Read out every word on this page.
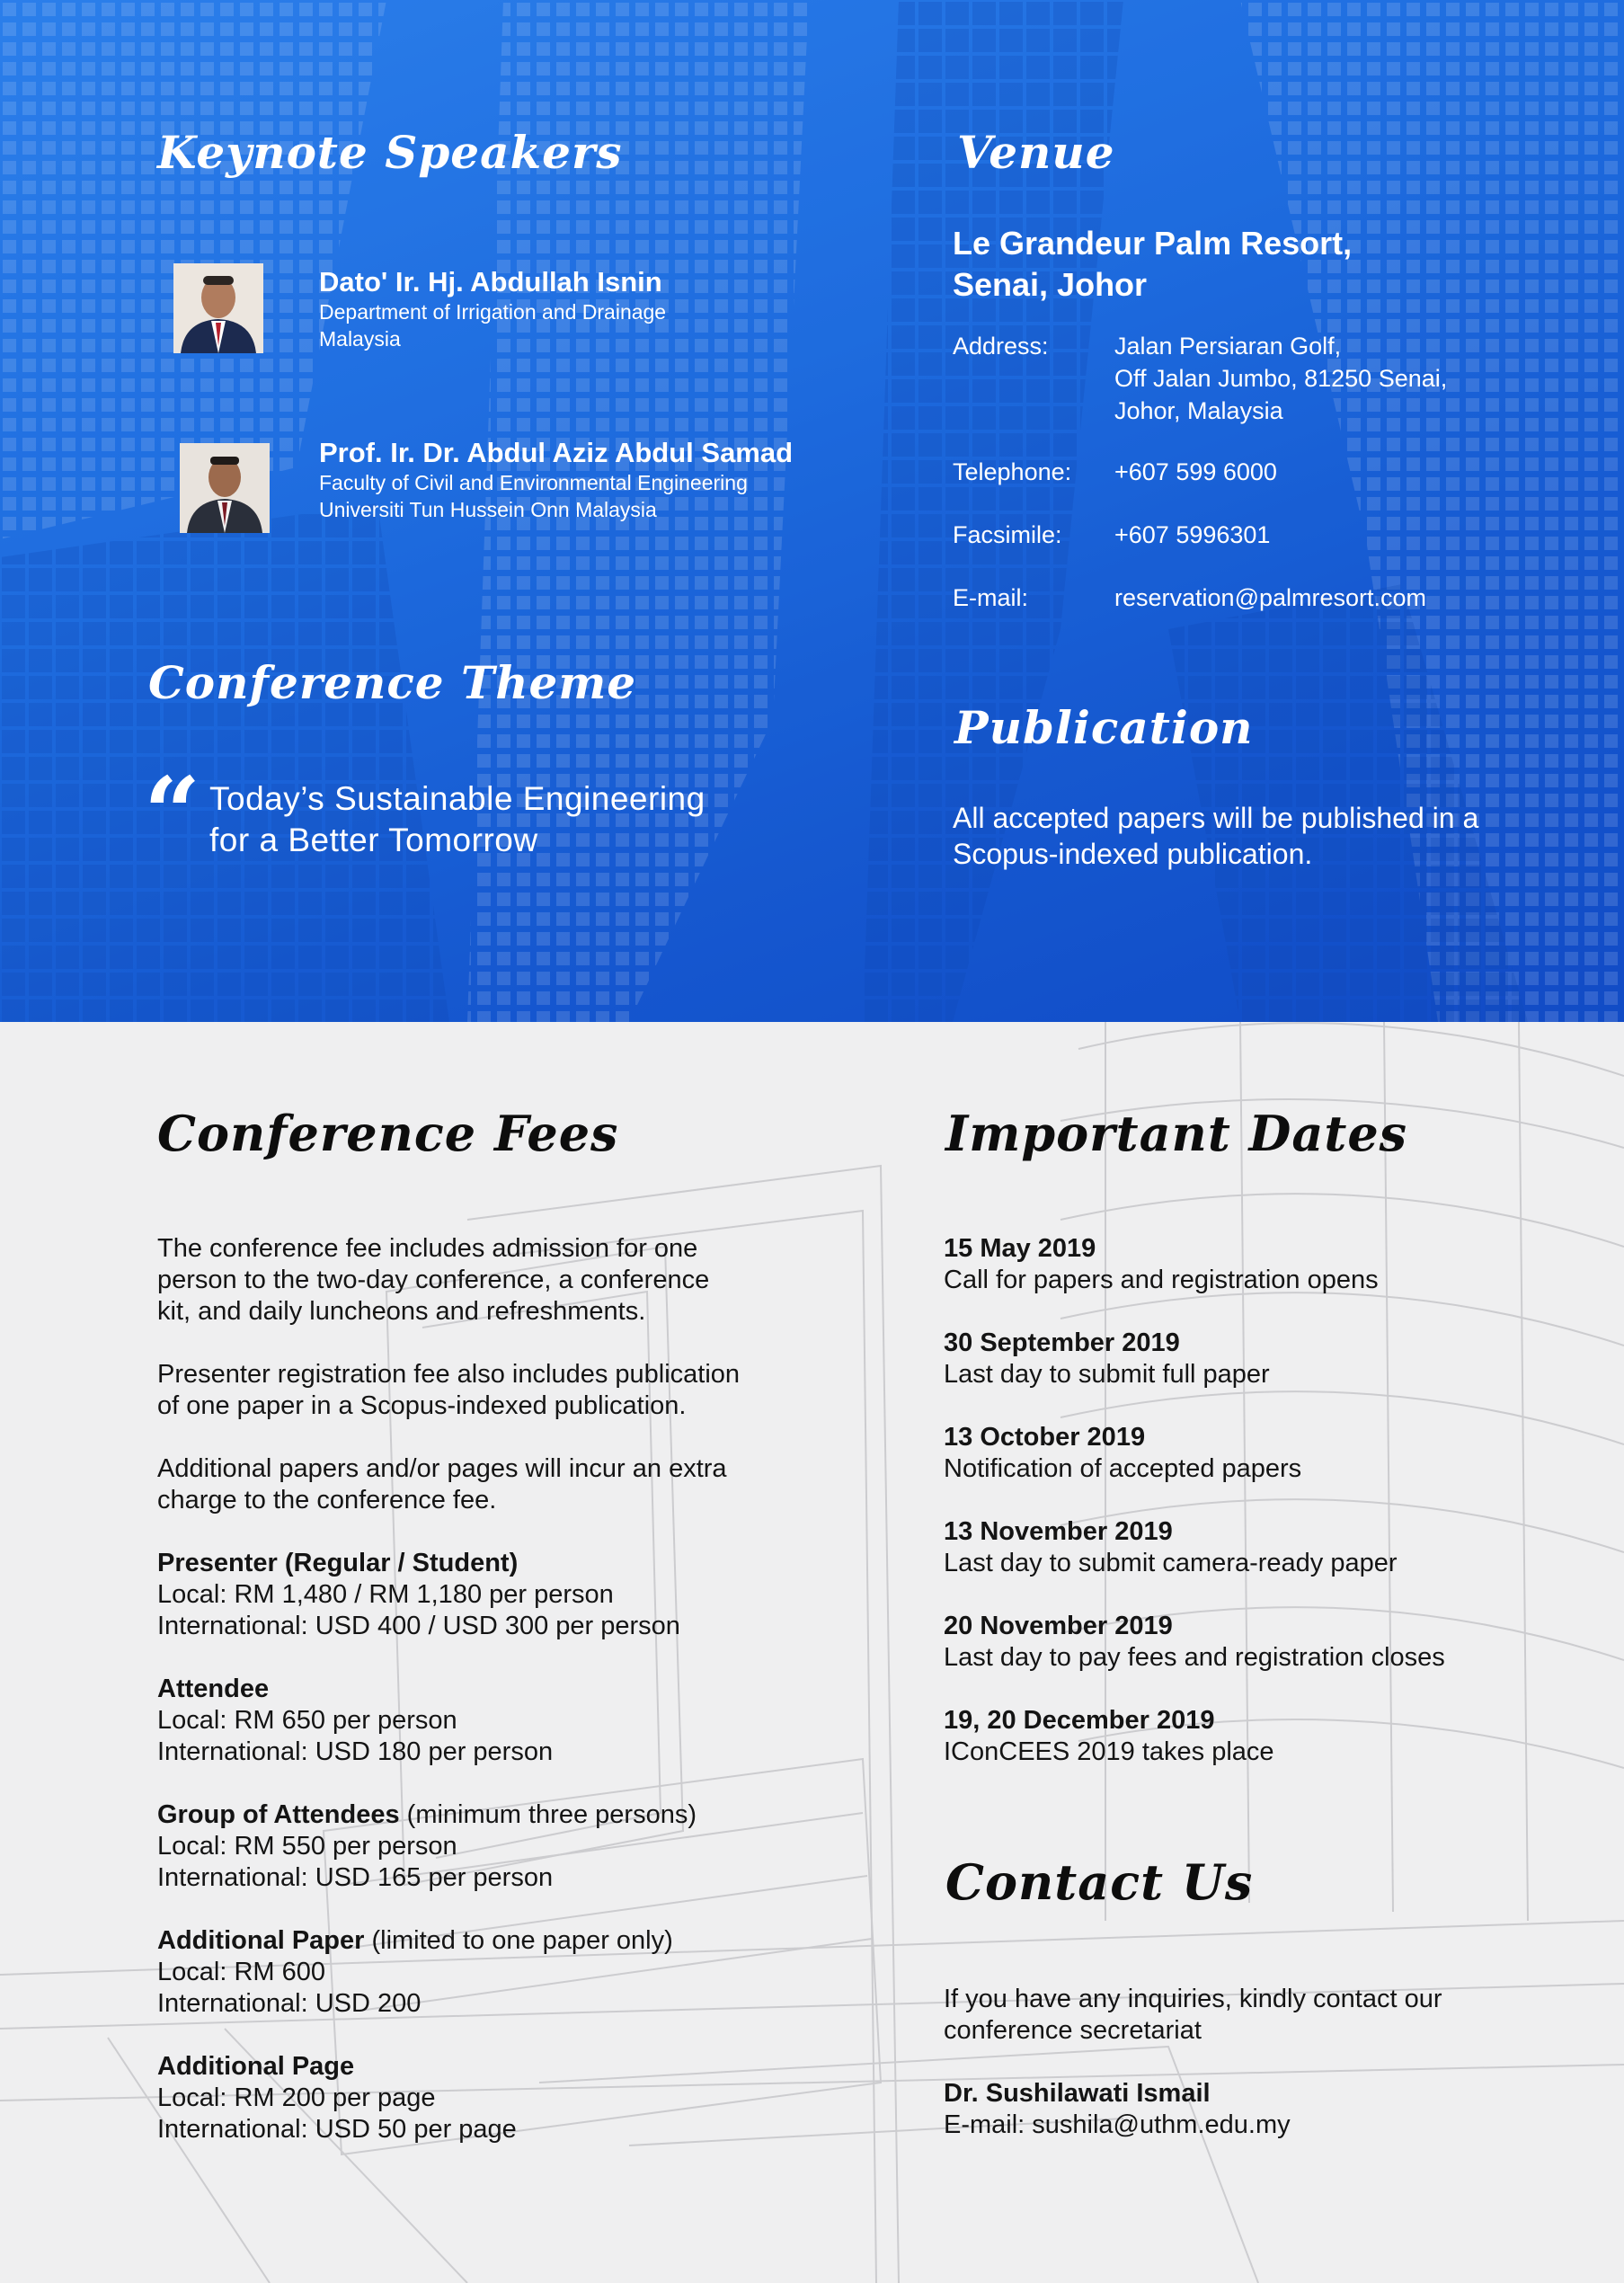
Keynote Speakers
Dato' Ir. Hj. Abdullah Isnin
Department of Irrigation and Drainage
Malaysia
Prof. Ir. Dr. Abdul Aziz Abdul Samad
Faculty of Civil and Environmental Engineering
Universiti Tun Hussein Onn Malaysia
Conference Theme
“ Today’s Sustainable Engineering
for a Better Tomorrow
Venue
Le Grandeur Palm Resort,
Senai, Johor
Address:	Jalan Persiaran Golf,
Off Jalan Jumbo, 81250 Senai,
Johor, Malaysia
Telephone:	+607 599 6000
Facsimile:	+607 5996301
E-mail:	reservation@palmresort.com
Publication
All accepted papers will be published in a
Scopus-indexed publication.
Conference Fees
The conference fee includes admission for one
person to the two-day conference, a conference
kit, and daily luncheons and refreshments.
Presenter registration fee also includes publication
of one paper in a Scopus-indexed publication.
Additional papers and/or pages will incur an extra
charge to the conference fee.
Presenter (Regular / Student)
Local: RM 1,480 / RM 1,180 per person
International: USD 400 / USD 300 per person
Attendee
Local: RM 650 per person
International: USD 180 per person
Group of Attendees (minimum three persons)
Local: RM 550 per person
International: USD 165 per person
Additional Paper (limited to one paper only)
Local: RM 600
International: USD 200
Additional Page
Local: RM 200 per page
International: USD 50 per page
Important Dates
15 May 2019
Call for papers and registration opens
30 September 2019
Last day to submit full paper
13 October 2019
Notification of accepted papers
13 November 2019
Last day to submit camera-ready paper
20 November 2019
Last day to pay fees and registration closes
19, 20 December 2019
IConCEES 2019 takes place
Contact Us
If you have any inquiries, kindly contact our
conference secretariat
Dr. Sushilawati Ismail
E-mail: sushila@uthm.edu.my
